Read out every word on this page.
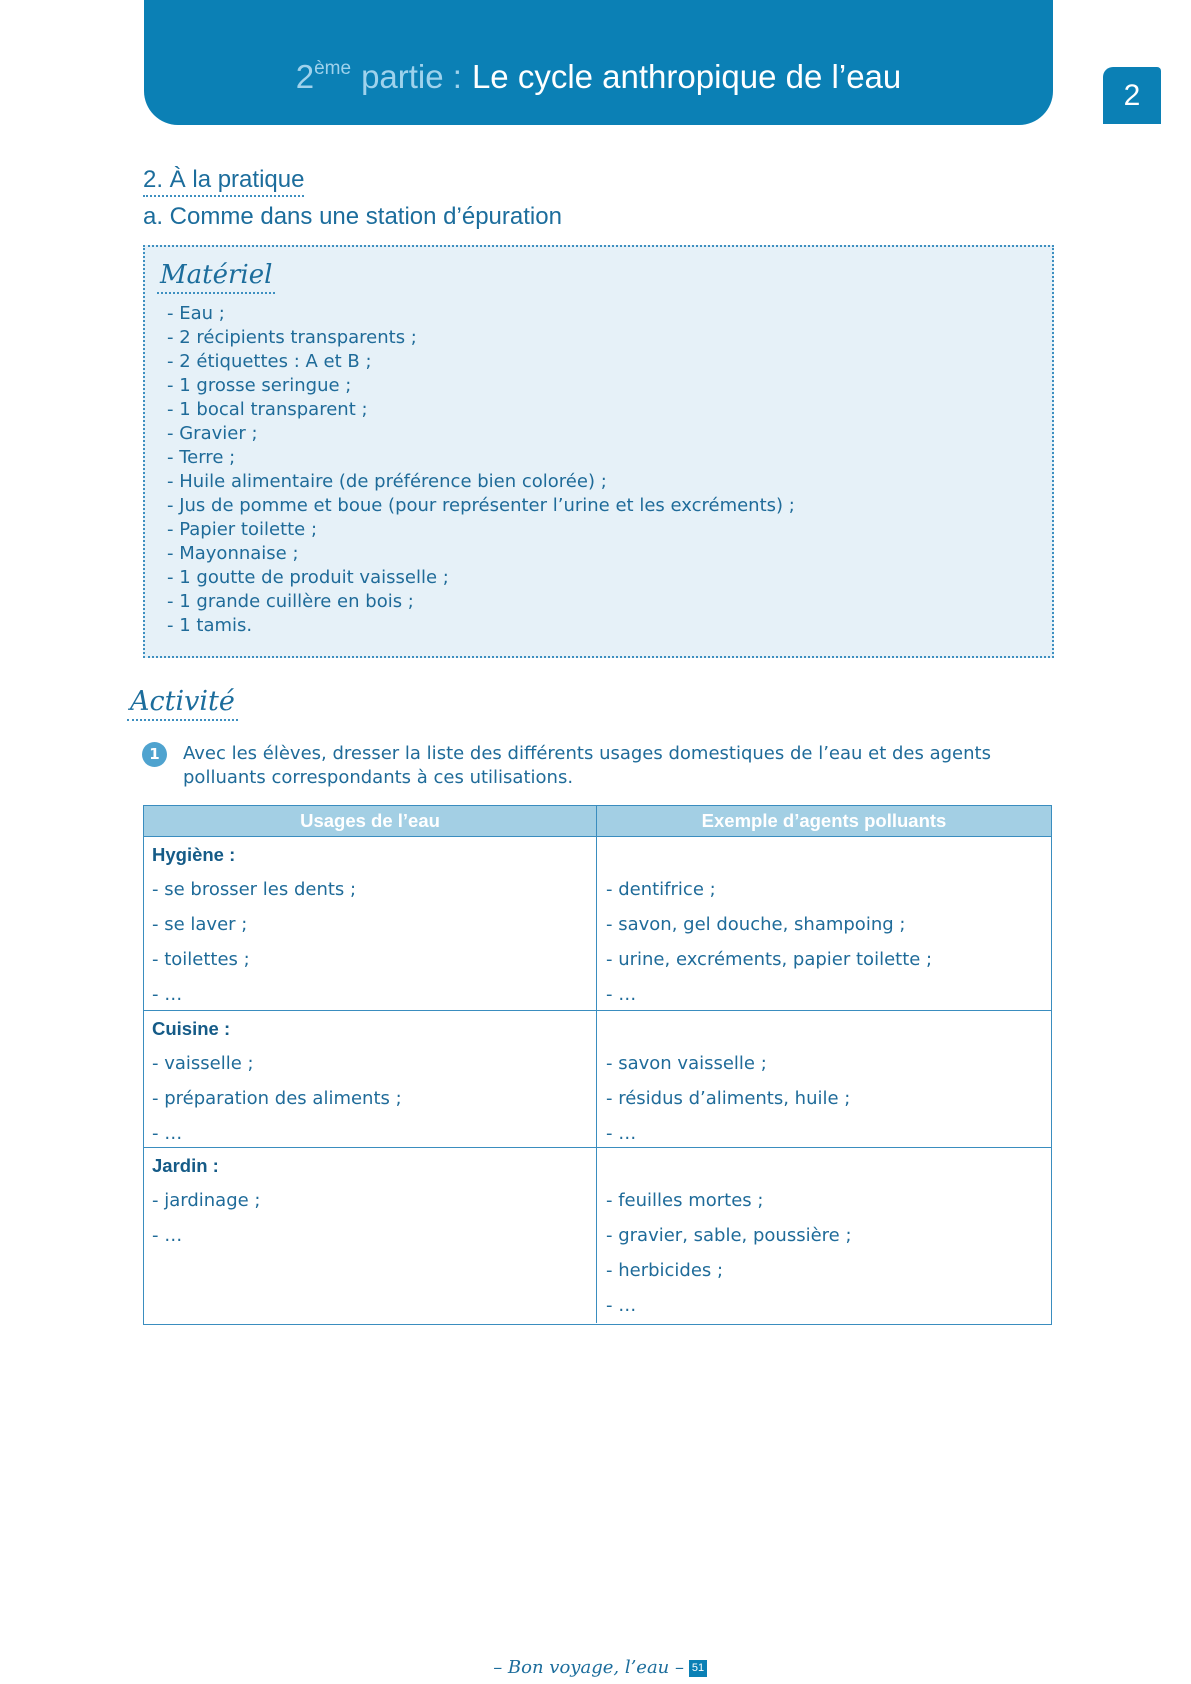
2ème partie : Le cycle anthropique de l’eau
2
2. À la pratique
a. Comme dans une station d’épuration
Matériel
- Eau ;
- 2 récipients transparents ;
- 2 étiquettes : A et B ;
- 1 grosse seringue ;
- 1 bocal transparent ;
- Gravier ;
- Terre ;
- Huile alimentaire (de préférence bien colorée) ;
- Jus de pomme et boue (pour représenter l’urine et les excréments) ;
- Papier toilette ;
- Mayonnaise ;
- 1 goutte de produit vaisselle ;
- 1 grande cuillère en bois ;
- 1 tamis.
Activité
1	Avec les élèves, dresser la liste des différents usages domestiques de l’eau et des agents
polluants correspondants à ces utilisations.
Usages de l’eau	Exemple d’agents polluants
Hygiène :
- se brosser les dents ;
- se laver ;
- toilettes ;
- …
- dentifrice ;
- savon, gel douche, shampoing ;
- urine, excréments, papier toilette ;
- …
Cuisine :
- vaisselle ;
- préparation des aliments ;
- …
- savon vaisselle ;
- résidus d’aliments, huile ;
- …
Jardin :
- jardinage ;
- …
- feuilles mortes ;
- gravier, sable, poussière ;
- herbicides ;
- …
– Bon voyage, l’eau – 51
